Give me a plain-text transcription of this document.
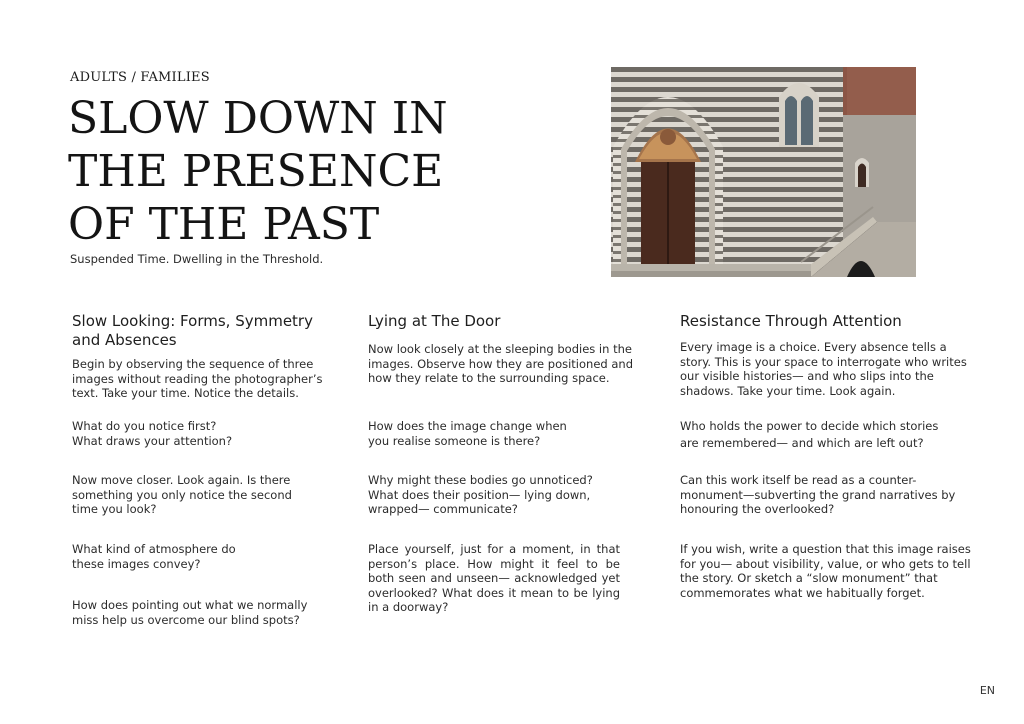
ADULTS / FAMILIES
SLOW DOWN IN
THE PRESENCE
OF THE PAST
Suspended Time. Dwelling in the Threshold.
Slow Looking: Forms, Symmetry and Absences

Begin by observing the sequence of three images without reading the photographer’s text. Take your time. Notice the details.

What do you notice first? What draws your attention?

Now move closer. Look again. Is there something you only notice the second time you look?

What kind of atmosphere do these images convey?

How does pointing out what we normally miss help us overcome our blind spots?

Lying at The Door

Now look closely at the sleeping bodies in the images. Observe how they are positioned and how they relate to the surrounding space.

How does the image change when you realise someone is there?

Why might these bodies go unnoticed? What does their position— lying down, wrapped— communicate?

Place yourself, just for a moment, in that person’s place. How might it feel to be both seen and unseen— acknowledged yet overlooked? What does it mean to be lying in a doorway?

Resistance Through Attention

Every image is a choice. Every absence tells a story. This is your space to interrogate who writes our visible histories— and who slips into the shadows. Take your time. Look again.

Who holds the power to decide which stories are remembered— and which are left out?

Can this work itself be read as a counter-monument—subverting the grand narratives by honouring the overlooked?

If you wish, write a question that this image raises for you— about visibility, value, or who gets to tell the story. Or sketch a “slow monument” that commemorates what we habitually forget.

EN
